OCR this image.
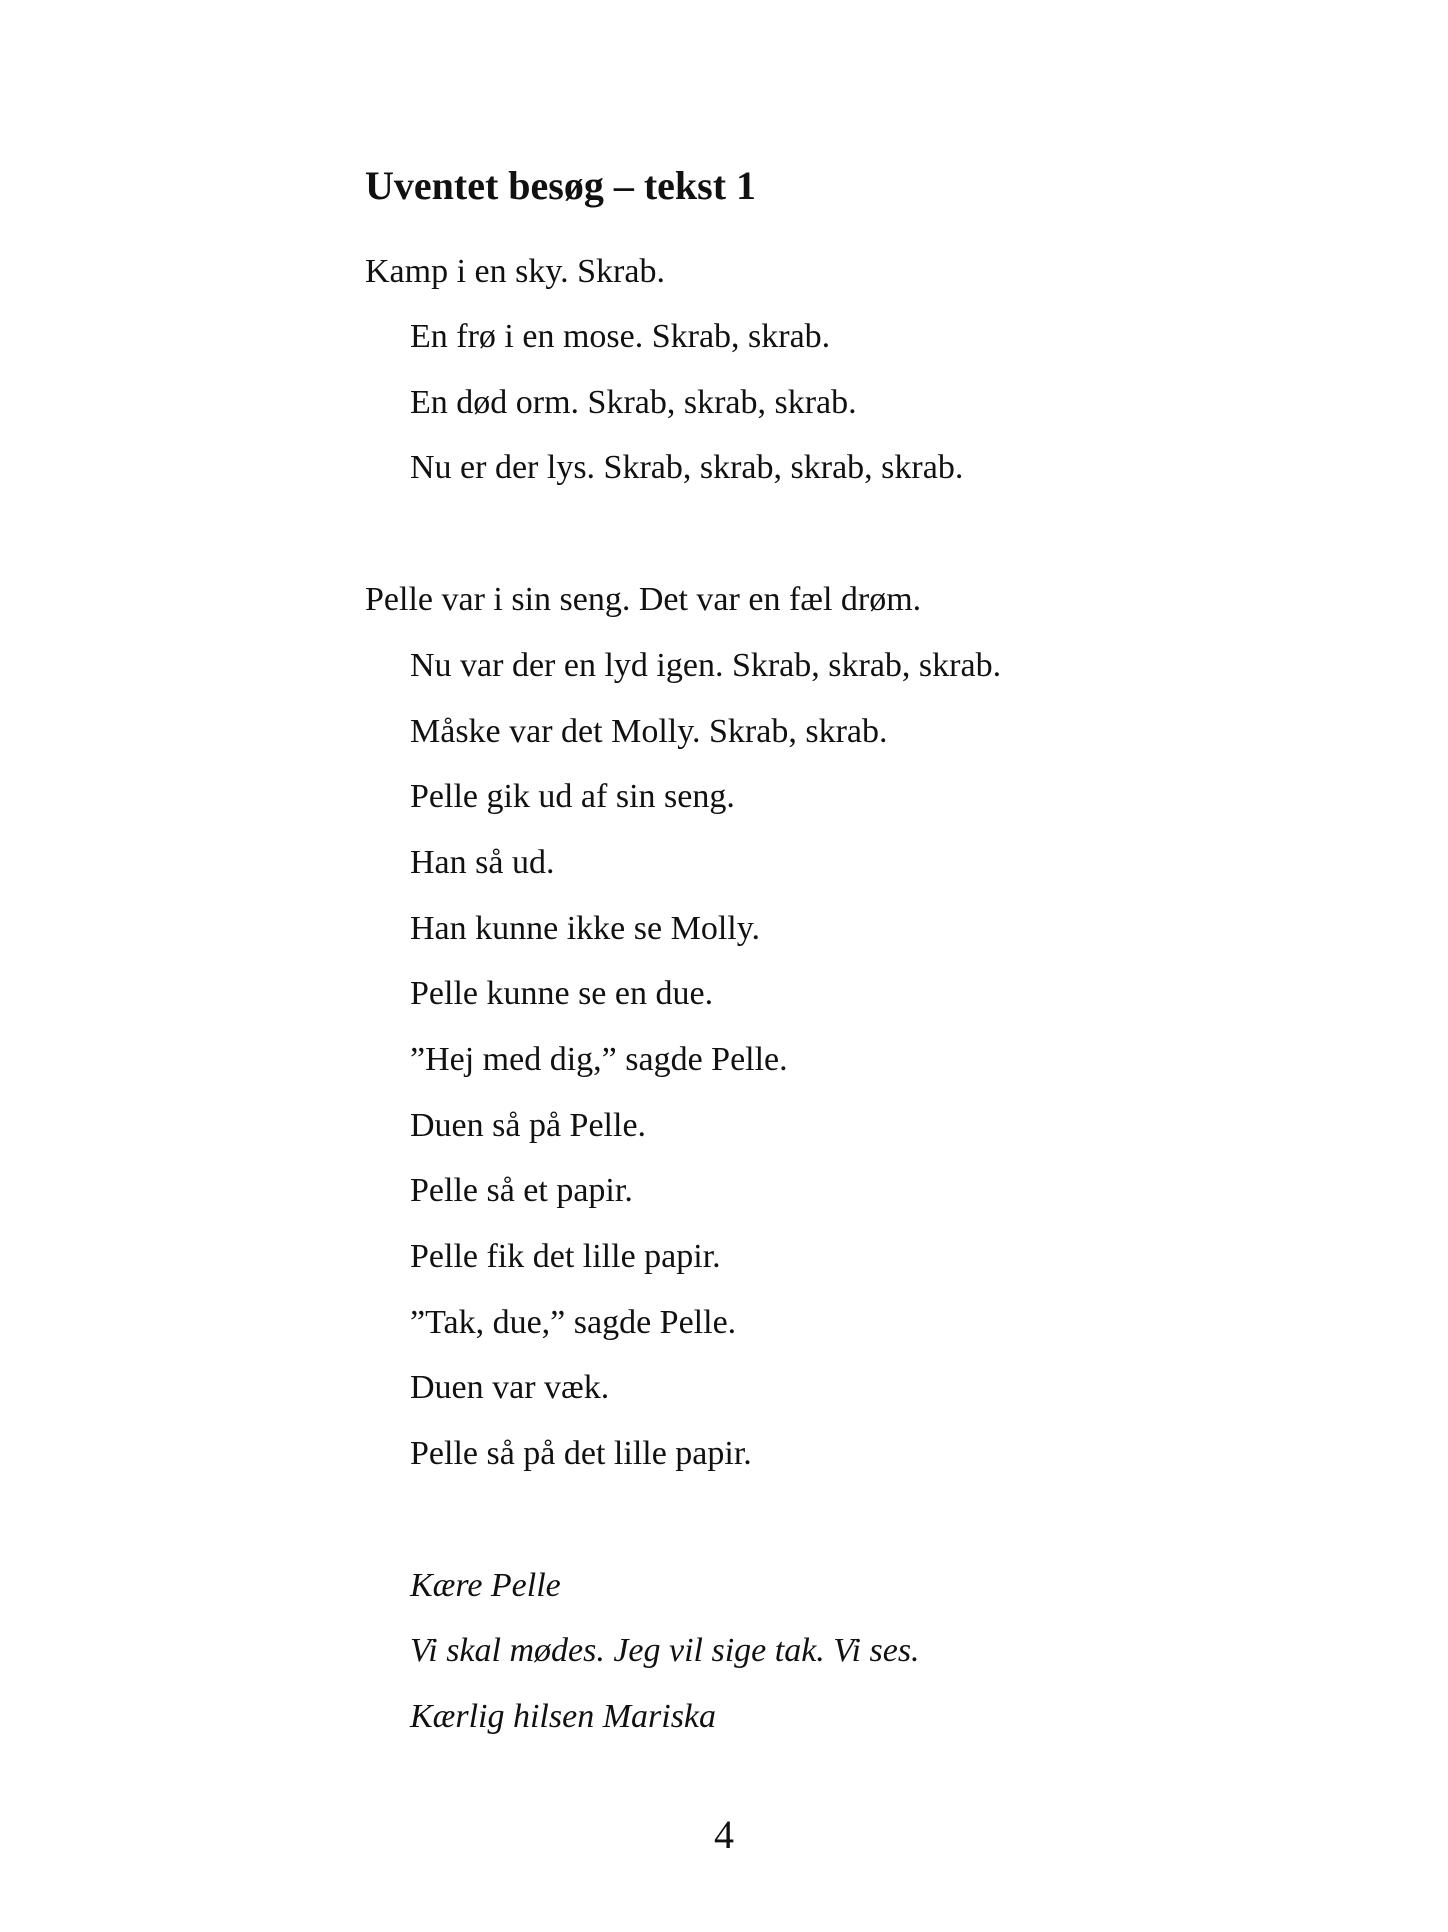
Uventet besøg – tekst 1

Kamp i en sky. Skrab.

En frø i en mose. Skrab, skrab.

En død orm. Skrab, skrab, skrab.

Nu er der lys. Skrab, skrab, skrab, skrab.

Pelle var i sin seng. Det var en fæl drøm.

Nu var der en lyd igen. Skrab, skrab, skrab.

Måske var det Molly. Skrab, skrab.

Pelle gik ud af sin seng.

Han så ud.

Han kunne ikke se Molly.

Pelle kunne se en due.

”Hej med dig,” sagde Pelle.

Duen så på Pelle.

Pelle så et papir.

Pelle fik det lille papir.

”Tak, due,” sagde Pelle.

Duen var væk.

Pelle så på det lille papir.

Kære Pelle

Vi skal mødes. Jeg vil sige tak. Vi ses.

Kærlig hilsen Mariska

4
